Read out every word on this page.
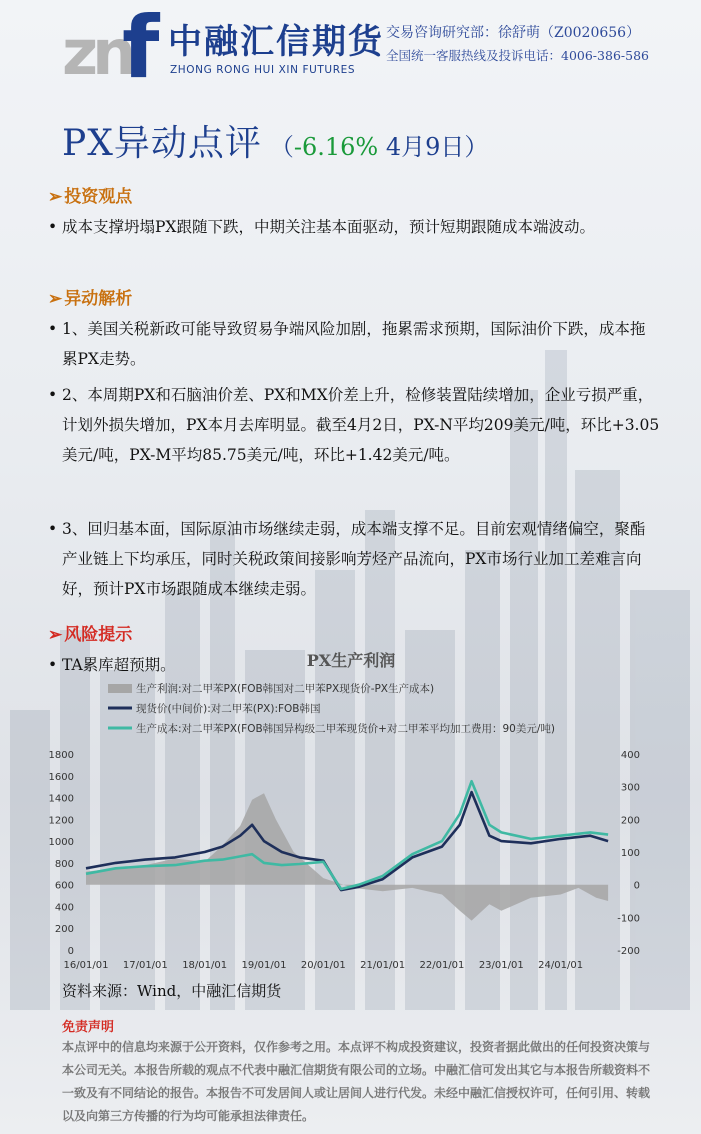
zn
f 中融汇信期货
ZHONG RONG HUI XIN FUTURES
交易咨询研究部：徐舒萌（Z0020656）
全国统一客服热线及投诉电话：4006-386-586
PX异动点评 （-6.16% 4月9日）
➢ 投资观点
• 成本支撑坍塌PX跟随下跌，中期关注基本面驱动，预计短期跟随成本端波动。
➢ 异动解析
• 1、美国关税新政可能导致贸易争端风险加剧，拖累需求预期，国际油价下跌，成本拖累PX走势。
• 2、本周期PX和石脑油价差、PX和MX价差上升，检修装置陆续增加，企业亏损严重，计划外损失增加，PX本月去库明显。截至4月2日，PX-N平均209美元/吨，环比+3.05美元/吨，PX-M平均85.75美元/吨，环比+1.42美元/吨。
• 3、回归基本面，国际原油市场继续走弱，成本端支撑不足。目前宏观情绪偏空，聚酯产业链上下均承压，同时关税政策间接影响芳烃产品流向，PX市场行业加工差难言向好，预计PX市场跟随成本继续走弱。
➢ 风险提示
• TA累库超预期。	PX生产利润
生产利润:对二甲苯PX(FOB韩国对二甲苯PX现货价-PX生产成本)
现货价(中间价):对二甲苯(PX):FOB韩国
生产成本:对二甲苯PX(FOB韩国异构级二甲苯现货价+对二甲苯平均加工费用：90美元/吨)
0
200
400
600
800
1000
1200
1400
1600
1800
-200
-100
0
100
200
300
400
16/01/01 17/01/01 18/01/01 19/01/01 20/01/01 21/01/01 22/01/01 23/01/01 24/01/01
资料来源：Wind，中融汇信期货
免责声明
本点评中的信息均来源于公开资料，仅作参考之用。本点评不构成投资建议，投资者据此做出的任何投资决策与本公司无关。本报告所载的观点不代表中融汇信期货有限公司的立场。中融汇信可发出其它与本报告所载资料不一致及有不同结论的报告。本报告不可发居间人或让居间人进行代发。未经中融汇信授权许可，任何引用、转载以及向第三方传播的行为均可能承担法律责任。
